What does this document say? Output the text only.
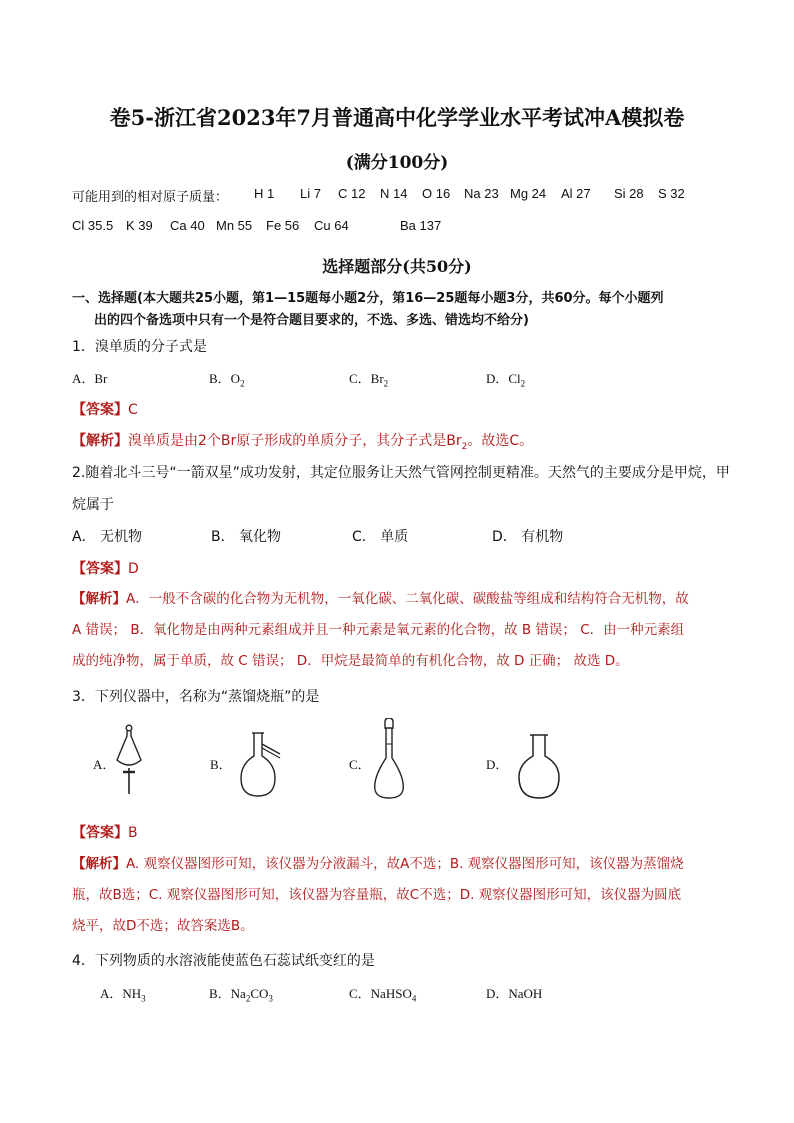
卷5-浙江省2023年7月普通高中化学学业水平考试冲A模拟卷
(满分100分)
可能用到的相对原子质量： H 1 Li 7 C 12 N 14 O 16 Na 23 Mg 24 Al 27 Si 28 S 32
Cl 35.5 K 39 Ca 40 Mn 55 Fe 56 Cu 64	Ba 137
选择题部分(共50分)
一、选择题(本大题共25小题，第1—15题每小题2分，第16—25题每小题3分，共60分。每个小题列
出的四个备选项中只有一个是符合题目要求的，不选、多选、错选均不给分)
1．溴单质的分子式是
A．Br	B．$O_2$	C．$Br_2$	D．$Cl_2$
【答案】C
【解析】溴单质是由2个Br原子形成的单质分子，其分子式是$Br_2$。故选C。
2.随着北斗三号“一箭双星”成功发射，其定位服务让天然气管网控制更精准。天然气的主要成分是甲烷，甲
烷属于
A． 无机物	B． 氧化物	C． 单质	D． 有机物
【答案】D
【解析】A．一般不含碳的化合物为无机物，一氧化碳、二氧化碳、碳酸盐等组成和结构符合无机物，故
A 错误； B．氧化物是由两种元素组成并且一种元素是氧元素的化合物，故 B 错误； C．由一种元素组
成的纯净物，属于单质，故 C 错误； D．甲烷是最简单的有机化合物，故 D 正确； 故选 D。
3．下列仪器中，名称为“蒸馏烧瓶”的是
A．	B．	C．	D．
【答案】B
【解析】A. 观察仪器图形可知，该仪器为分液漏斗，故A不选；B. 观察仪器图形可知，该仪器为蒸馏烧
瓶，故B选；C. 观察仪器图形可知，该仪器为容量瓶，故C不选；D. 观察仪器图形可知，该仪器为圆底
烧平，故D不选；故答案选B。
4．下列物质的水溶液能使蓝色石蕊试纸变红的是
A．$NH_3$	B．$Na_2CO_3$	C．NaHSO$_4$	D．NaOH
